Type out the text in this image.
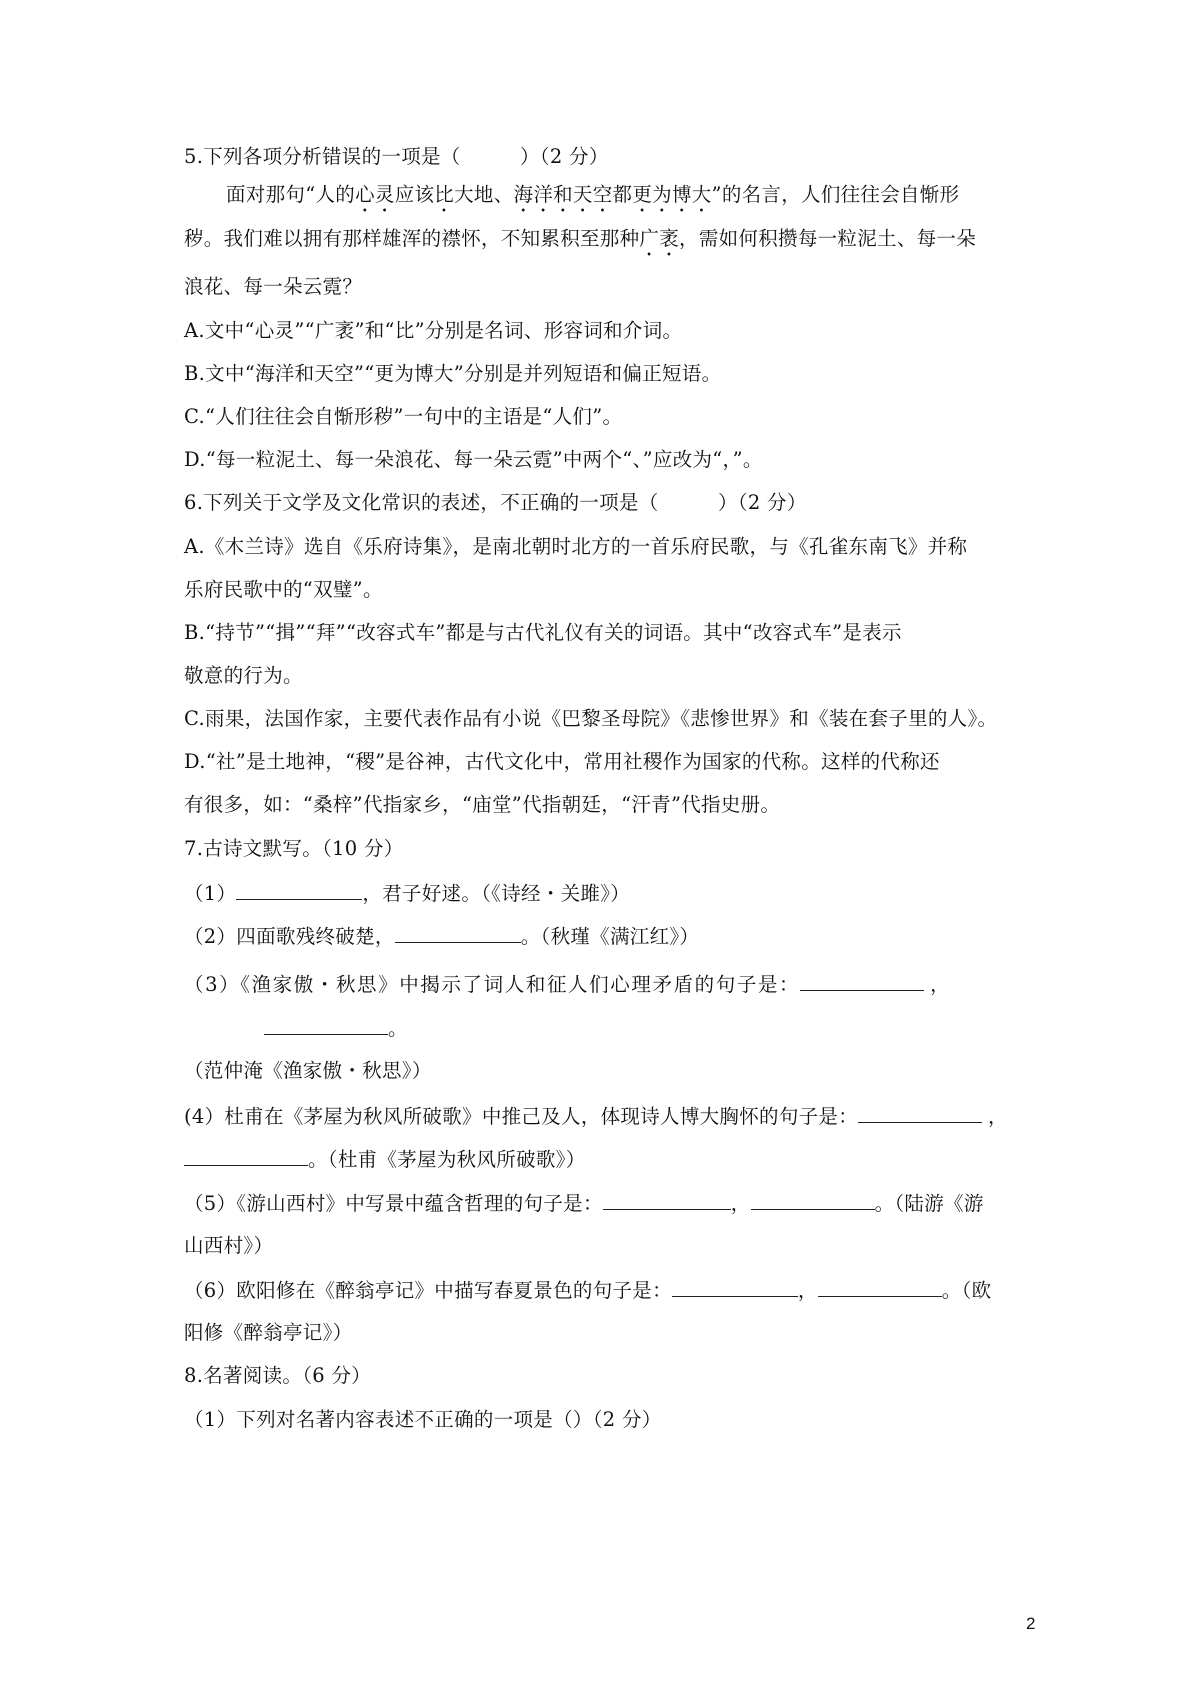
5.下列各项分析错误的一项是（　　　）（2 分）
面对那句“人的心灵应该比大地、海洋和天空都更为博大”的名言，人们往往会自惭形
秽。我们难以拥有那样雄浑的襟怀，不知累积至那种广袤，需如何积攒每一粒泥土、每一朵
浪花、每一朵云霓？
A.文中“心灵”“广袤”和“比”分别是名词、形容词和介词。
B.文中“海洋和天空”“更为博大”分别是并列短语和偏正短语。
C.“人们往往会自惭形秽”一句中的主语是“人们”。
D.“每一粒泥土、每一朵浪花、每一朵云霓”中两个“、”应改为“，”。
6.下列关于文学及文化常识的表述，不正确的一项是（　　　）（2 分）
A.《木兰诗》选自《乐府诗集》，是南北朝时北方的一首乐府民歌，与《孔雀东南飞》并称
乐府民歌中的“双璧”。
B.“持节”“揖”“拜”“改容式车”都是与古代礼仪有关的词语。其中“改容式车”是表示
敬意的行为。
C.雨果，法国作家，主要代表作品有小说《巴黎圣母院》《悲惨世界》和《装在套子里的人》。
D.“社”是土地神，“稷”是谷神，古代文化中，常用社稷作为国家的代称。这样的代称还
有很多，如：“桑梓”代指家乡，“庙堂”代指朝廷，“汗青”代指史册。
7.古诗文默写。（10 分）
（1）	，君子好逑。（《诗经・关雎》）
（2）四面歌残终破楚，	。（秋瑾《满江红》）
（3）《渔家傲・秋思》中揭示了词人和征人们心理矛盾的句子是：	，
。
（范仲淹《渔家傲・秋思》）
(4）杜甫在《茅屋为秋风所破歌》中推己及人，体现诗人博大胸怀的句子是：	，
。（杜甫《茅屋为秋风所破歌》）
（5）《游山西村》中写景中蕴含哲理的句子是：	，	。（陆游《游
山西村》）
（6）欧阳修在《醉翁亭记》中描写春夏景色的句子是：	，	。（欧
阳修《醉翁亭记》）
8.名著阅读。（6 分）
（1）下列对名著内容表述不正确的一项是（）（2 分）
2
